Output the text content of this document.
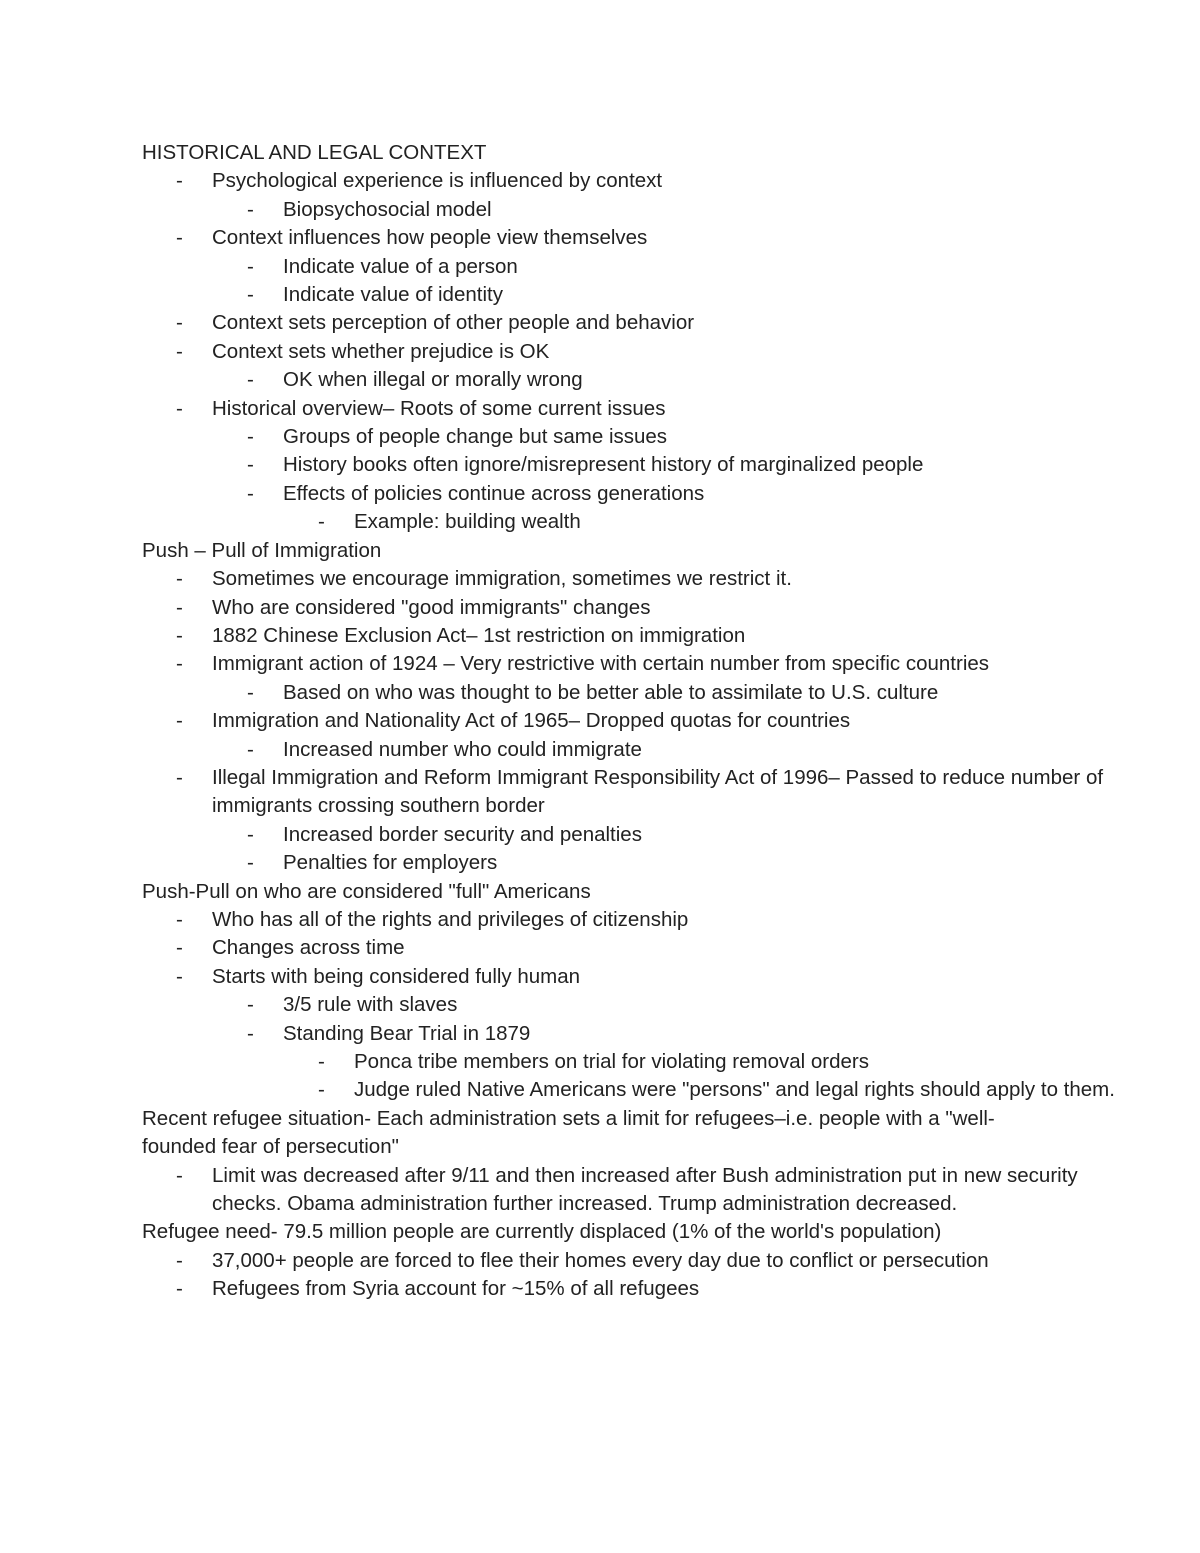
HISTORICAL AND LEGAL CONTEXT
- Psychological experience is influenced by context
- Biopsychosocial model
- Context influences how people view themselves
- Indicate value of a person
- Indicate value of identity
- Context sets perception of other people and behavior
- Context sets whether prejudice is OK
- OK when illegal or morally wrong
- Historical overview– Roots of some current issues
- Groups of people change but same issues
- History books often ignore/misrepresent history of marginalized people
- Effects of policies continue across generations
- Example: building wealth
Push – Pull of Immigration
- Sometimes we encourage immigration, sometimes we restrict it.
- Who are considered "good immigrants" changes
- 1882 Chinese Exclusion Act– 1st restriction on immigration
- Immigrant action of 1924 – Very restrictive with certain number from specific countries
- Based on who was thought to be better able to assimilate to U.S. culture
- Immigration and Nationality Act of 1965– Dropped quotas for countries
- Increased number who could immigrate
- Illegal Immigration and Reform Immigrant Responsibility Act of 1996– Passed to reduce number of immigrants crossing southern border
- Increased border security and penalties
- Penalties for employers
Push-Pull on who are considered "full" Americans
- Who has all of the rights and privileges of citizenship
- Changes across time
- Starts with being considered fully human
- 3/5 rule with slaves
- Standing Bear Trial in 1879
- Ponca tribe members on trial for violating removal orders
- Judge ruled Native Americans were "persons" and legal rights should apply to them.
Recent refugee situation- Each administration sets a limit for refugees–i.e. people with a "well-founded fear of persecution"
- Limit was decreased after 9/11 and then increased after Bush administration put in new security checks. Obama administration further increased. Trump administration decreased.
Refugee need- 79.5 million people are currently displaced (1% of the world's population)
- 37,000+ people are forced to flee their homes every day due to conflict or persecution
- Refugees from Syria account for ~15% of all refugees
